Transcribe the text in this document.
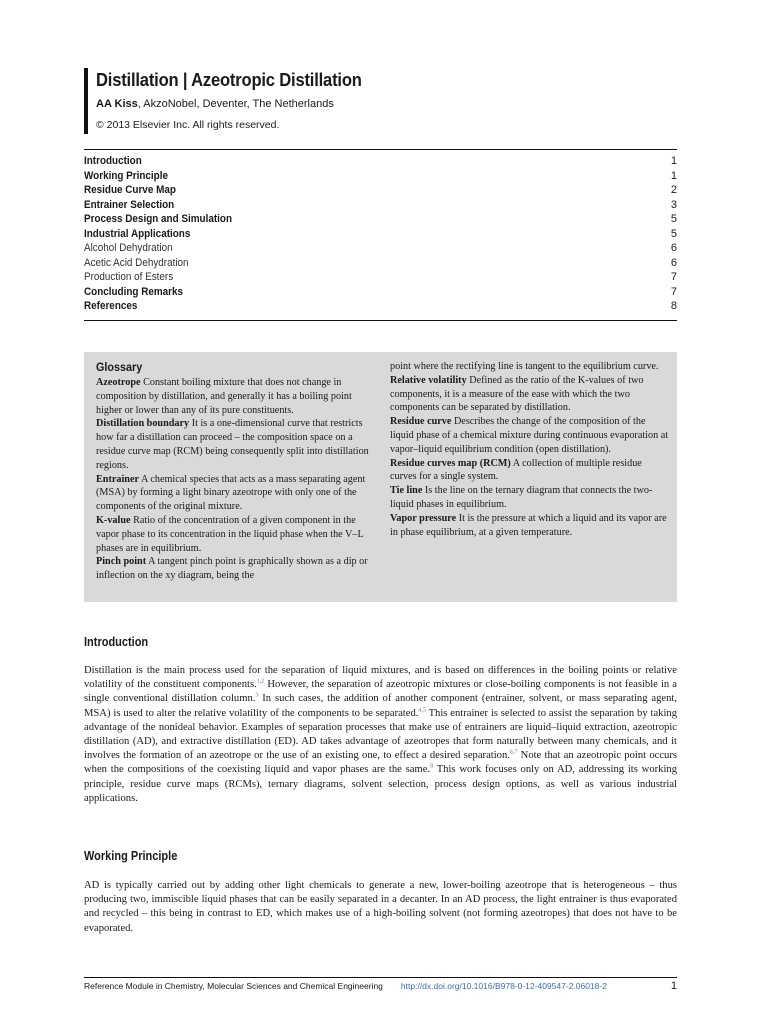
Distillation | Azeotropic Distillation
AA Kiss, AkzoNobel, Deventer, The Netherlands
© 2013 Elsevier Inc. All rights reserved.
Introduction	1
Working Principle	1
Residue Curve Map	2
Entrainer Selection	3
Process Design and Simulation	5
Industrial Applications	5
Alcohol Dehydration	6
Acetic Acid Dehydration	6
Production of Esters	7
Concluding Remarks	7
References	8
Glossary

Azeotrope Constant boiling mixture that does not change in composition by distillation, and generally it has a boiling point higher or lower than any of its pure constituents.

Distillation boundary It is a one-dimensional curve that restricts how far a distillation can proceed – the composition space on a residue curve map (RCM) being consequently split into distillation regions.

Entrainer A chemical species that acts as a mass separating agent (MSA) by forming a light binary azeotrope with only one of the components of the original mixture.

K-value Ratio of the concentration of a given component in the vapor phase to its concentration in the liquid phase when the V–L phases are in equilibrium.

Pinch point A tangent pinch point is graphically shown as a dip or inflection on the xy diagram, being the

point where the rectifying line is tangent to the equilibrium curve.

Relative volatility Defined as the ratio of the K-values of two components, it is a measure of the ease with which the two components can be separated by distillation.

Residue curve Describes the change of the composition of the liquid phase of a chemical mixture during continuous evaporation at vapor–liquid equilibrium condition (open distillation).

Residue curves map (RCM) A collection of multiple residue curves for a single system.

Tie line Is the line on the ternary diagram that connects the two-liquid phases in equilibrium.

Vapor pressure It is the pressure at which a liquid and its vapor are in phase equilibrium, at a given temperature.

Introduction
Distillation is the main process used for the separation of liquid mixtures, and is based on differences in the boiling points or relative volatility of the constituent components.$^{1,2}$ However, the separation of azeotropic mixtures or close-boiling components is not feasible in a single conventional distillation column.$^3$ In such cases, the addition of another component (entrainer, solvent, or mass separating agent, MSA) is used to alter the relative volatility of the components to be separated.$^{4,5}$ This entrainer is selected to assist the separation by taking advantage of the nonideal behavior. Examples of separation processes that make use of entrainers are liquid–liquid extraction, azeotropic distillation (AD), and extractive distillation (ED). AD takes advantage of azeotropes that form naturally between many chemicals, and it involves the formation of an azeotrope or the use of an existing one, to effect a desired separation.$^{6,7}$ Note that an azeotropic point occurs when the compositions of the coexisting liquid and vapor phases are the same.$^8$ This work focuses only on AD, addressing its working principle, residue curve maps (RCMs), ternary diagrams, solvent selection, process design options, as well as various industrial applications.
Working Principle
AD is typically carried out by adding other light chemicals to generate a new, lower-boiling azeotrope that is heterogeneous – thus producing two, immiscible liquid phases that can be easily separated in a decanter. In an AD process, the light entrainer is thus evaporated and recycled – this being in contrast to ED, which makes use of a high-boiling solvent (not forming azeotropes) that does not have to be evaporated.
Reference Module in Chemistry, Molecular Sciences and Chemical Engineering http://dx.doi.org/10.1016/B978-0-12-409547-2.06018-2	1
